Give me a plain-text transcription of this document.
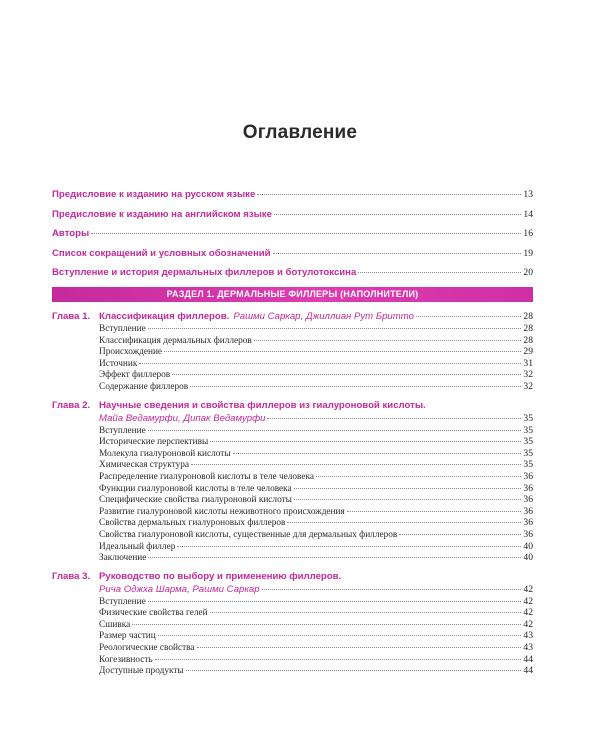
Оглавление
Предисловие к изданию на русском языке	13
Предисловие к изданию на английском языке	14
Авторы	16
Список сокращений и условных обозначений	19
Вступление и история дермальных филлеров и ботулотоксина	20
РАЗДЕЛ 1. ДЕРМАЛЬНЫЕ ФИЛЛЕРЫ (НАПОЛНИТЕЛИ)
Глава 1. Классификация филлеров. Рашми Саркар, Джиллиан Рут Бритто	28
Вступление	28
Классификация дермальных филлеров	28
Происхождение	29
Источник	31
Эффект филлеров	32
Содержание филлеров	32
Глава 2. Научные сведения и свойства филлеров из гиалуроновой кислоты.
Майа Ведамурфи, Дипак Ведамурфи	35
Вступление	35
Исторические перспективы	35
Молекула гиалуроновой кислоты	35
Химическая структура	35
Распределение гиалуроновой кислоты в теле человека	36
Функции гиалуроновой кислоты в теле человека	36
Специфические свойства гиалуроновой кислоты	36
Развитие гиалуроновой кислоты неживотного происхождения	36
Свойства дермальных гиалуроновых филлеров	36
Свойства гиалуроновой кислоты, существенные для дермальных филлеров	36
Идеальный филлер	40
Заключение	40
Глава 3. Руководство по выбору и применению филлеров.
Рича Оджха Шарма, Рашми Саркар	42
Вступление	42
Физические свойства гелей	42
Сшивка	42
Размер частиц	43
Реологические свойства	43
Когезивность	44
Доступные продукты	44
